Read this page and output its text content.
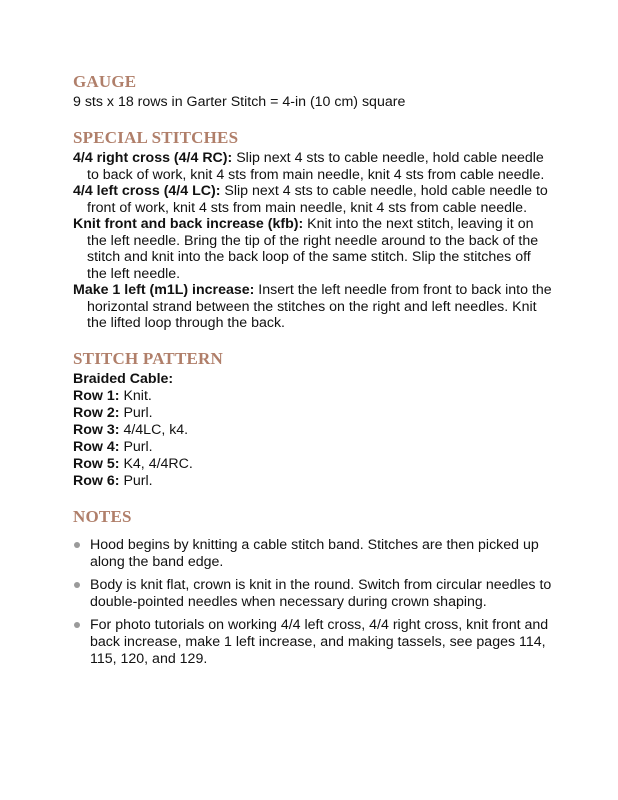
GAUGE
9 sts x 18 rows in Garter Stitch = 4-in (10 cm) square
SPECIAL STITCHES
4/4 right cross (4/4 RC): Slip next 4 sts to cable needle, hold cable needle to back of work, knit 4 sts from main needle, knit 4 sts from cable needle.
4/4 left cross (4/4 LC): Slip next 4 sts to cable needle, hold cable needle to front of work, knit 4 sts from main needle, knit 4 sts from cable needle.
Knit front and back increase (kfb): Knit into the next stitch, leaving it on the left needle. Bring the tip of the right needle around to the back of the stitch and knit into the back loop of the same stitch. Slip the stitches off the left needle.
Make 1 left (m1L) increase: Insert the left needle from front to back into the horizontal strand between the stitches on the right and left needles. Knit the lifted loop through the back.
STITCH PATTERN
Braided Cable:
Row 1: Knit.
Row 2: Purl.
Row 3: 4/4LC, k4.
Row 4: Purl.
Row 5: K4, 4/4RC.
Row 6: Purl.
NOTES
Hood begins by knitting a cable stitch band. Stitches are then picked up along the band edge.
Body is knit flat, crown is knit in the round. Switch from circular needles to double-pointed needles when necessary during crown shaping.
For photo tutorials on working 4/4 left cross, 4/4 right cross, knit front and back increase, make 1 left increase, and making tassels, see pages 114, 115, 120, and 129.
